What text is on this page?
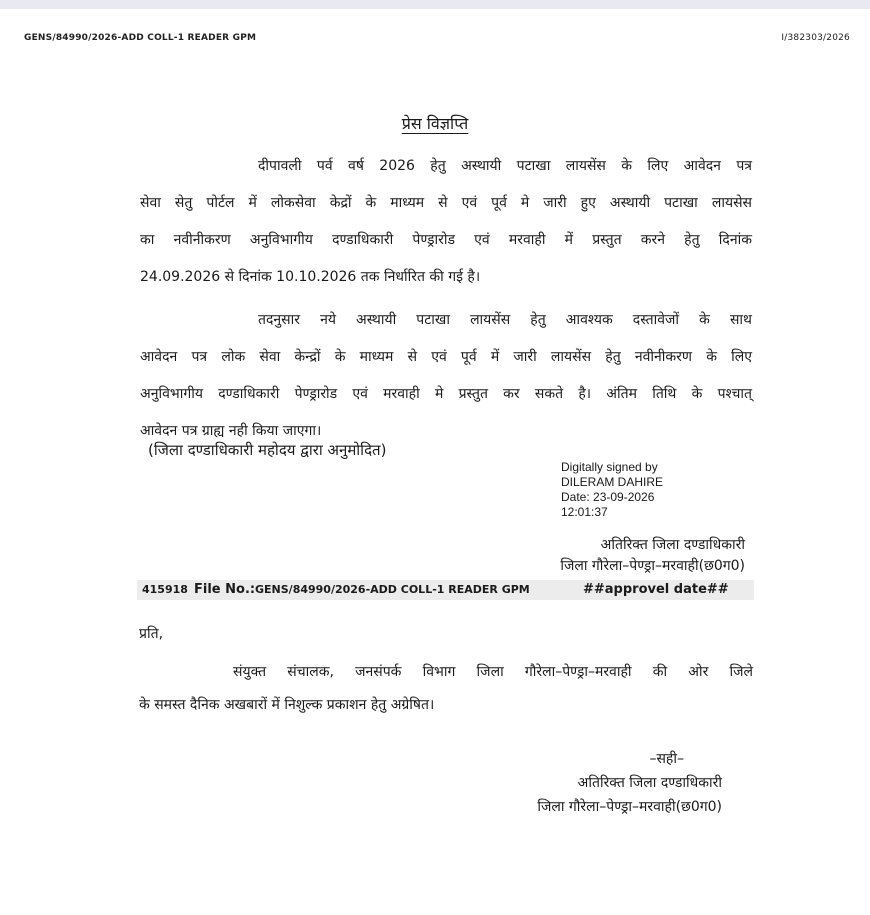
GENS/84990/2026-ADD COLL-1 READER GPM	I/382303/2026
प्रेस विज्ञप्ति
दीपावली पर्व वर्ष 2026 हेतु अस्थायी पटाखा लायसेंस के लिए आवेदन पत्र
सेवा सेतु पोर्टल में लोकसेवा केद्रों के माध्यम से एवं पूर्व मे जारी हुए अस्थायी पटाखा लायसेस
का नवीनीकरण अनुविभागीय दण्डाधिकारी पेण्ड्रारोड एवं मरवाही में प्रस्तुत करने हेतु दिनांक
24.09.2026 से दिनांक 10.10.2026 तक निर्धारित की गई है।
तदनुसार नये अस्थायी पटाखा लायसेंस हेतु आवश्यक दस्तावेजों के साथ
आवेदन पत्र लोक सेवा केन्द्रों के माध्यम से एवं पूर्व में जारी लायसेंस हेतु नवीनीकरण के लिए
अनुविभागीय दण्डाधिकारी पेण्ड्रारोड एवं मरवाही मे प्रस्तुत कर सकते है। अंतिम तिथि के पश्चात्
आवेदन पत्र ग्राह्य नही किया जाएगा।
(जिला दण्डाधिकारी महोदय द्वारा अनुमोदित)
Digitally signed by
DILERAM DAHIRE
Date: 23-09-2026
12:01:37
अतिरिक्त जिला दण्डाधिकारी
जिला गौरेला–पेण्ड्रा–मरवाही(छ0ग0)
415918 File No.: GENS/84990/2026-ADD COLL-1 READER GPM	##approvel date##
प्रति,
संयुक्त संचालक, जनसंपर्क विभाग जिला गौरेला–पेण्ड्रा–मरवाही की ओर जिले
के समस्त दैनिक अखबारों में निशुल्क प्रकाशन हेतु अग्रेषित।
–सही–
अतिरिक्त जिला दण्डाधिकारी
जिला गौरेला–पेण्ड्रा–मरवाही(छ0ग0)
